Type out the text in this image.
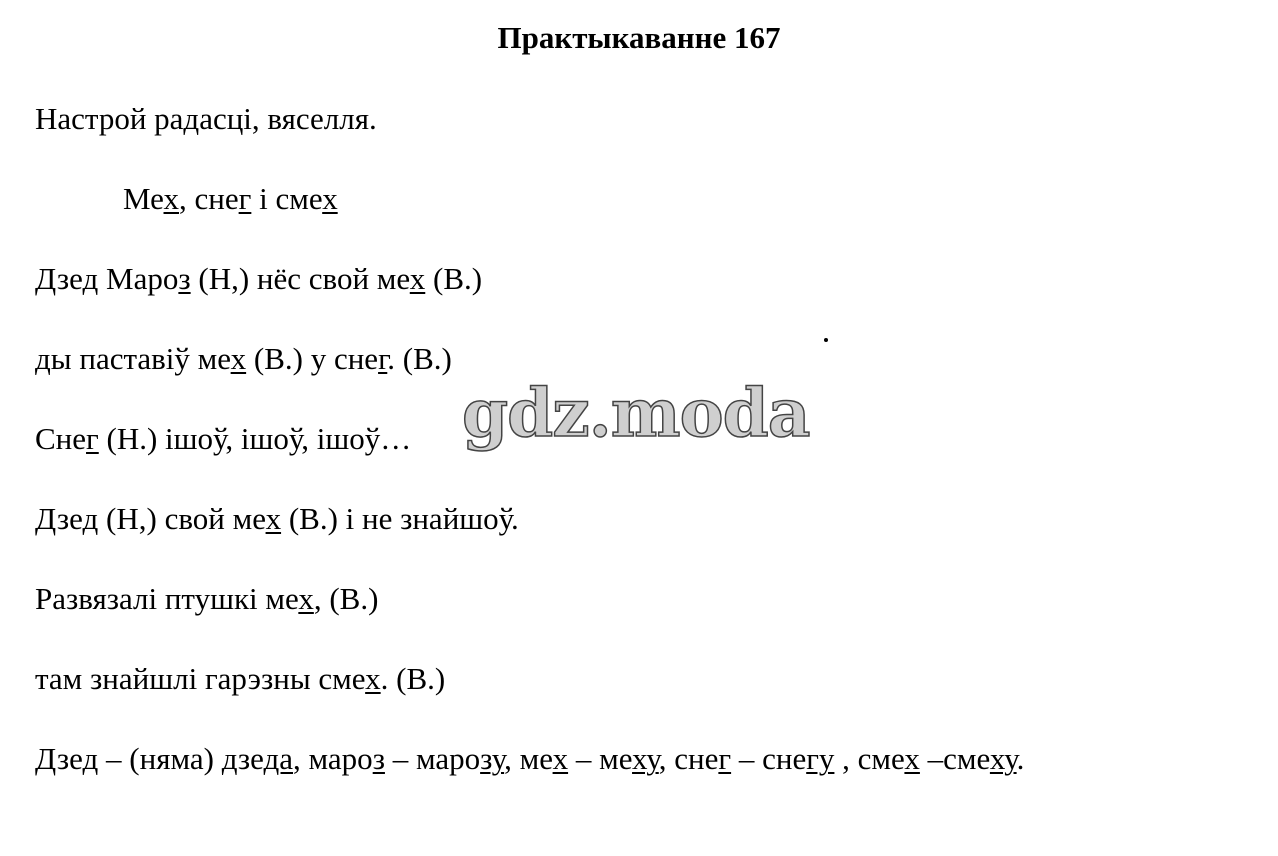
Практыкаванне 167
Настрой радасці, вяселля.
Мех, снег і смех
Дзед Мароз (Н,) нёс свой мех (В.)
ды паставіў мех (В.) у снег. (В.)
Снег (Н.) ішоў, ішоў, ішоў…
Дзед (Н,) свой мех (В.) і не знайшоў.
Развязалі птушкі мех, (В.)
там знайшлі гарэзны смех. (В.)
Дзед – (няма) дзеда, мароз – марозу, мех – меху, снег – снегу , смех –смеху.
gdz.moda
